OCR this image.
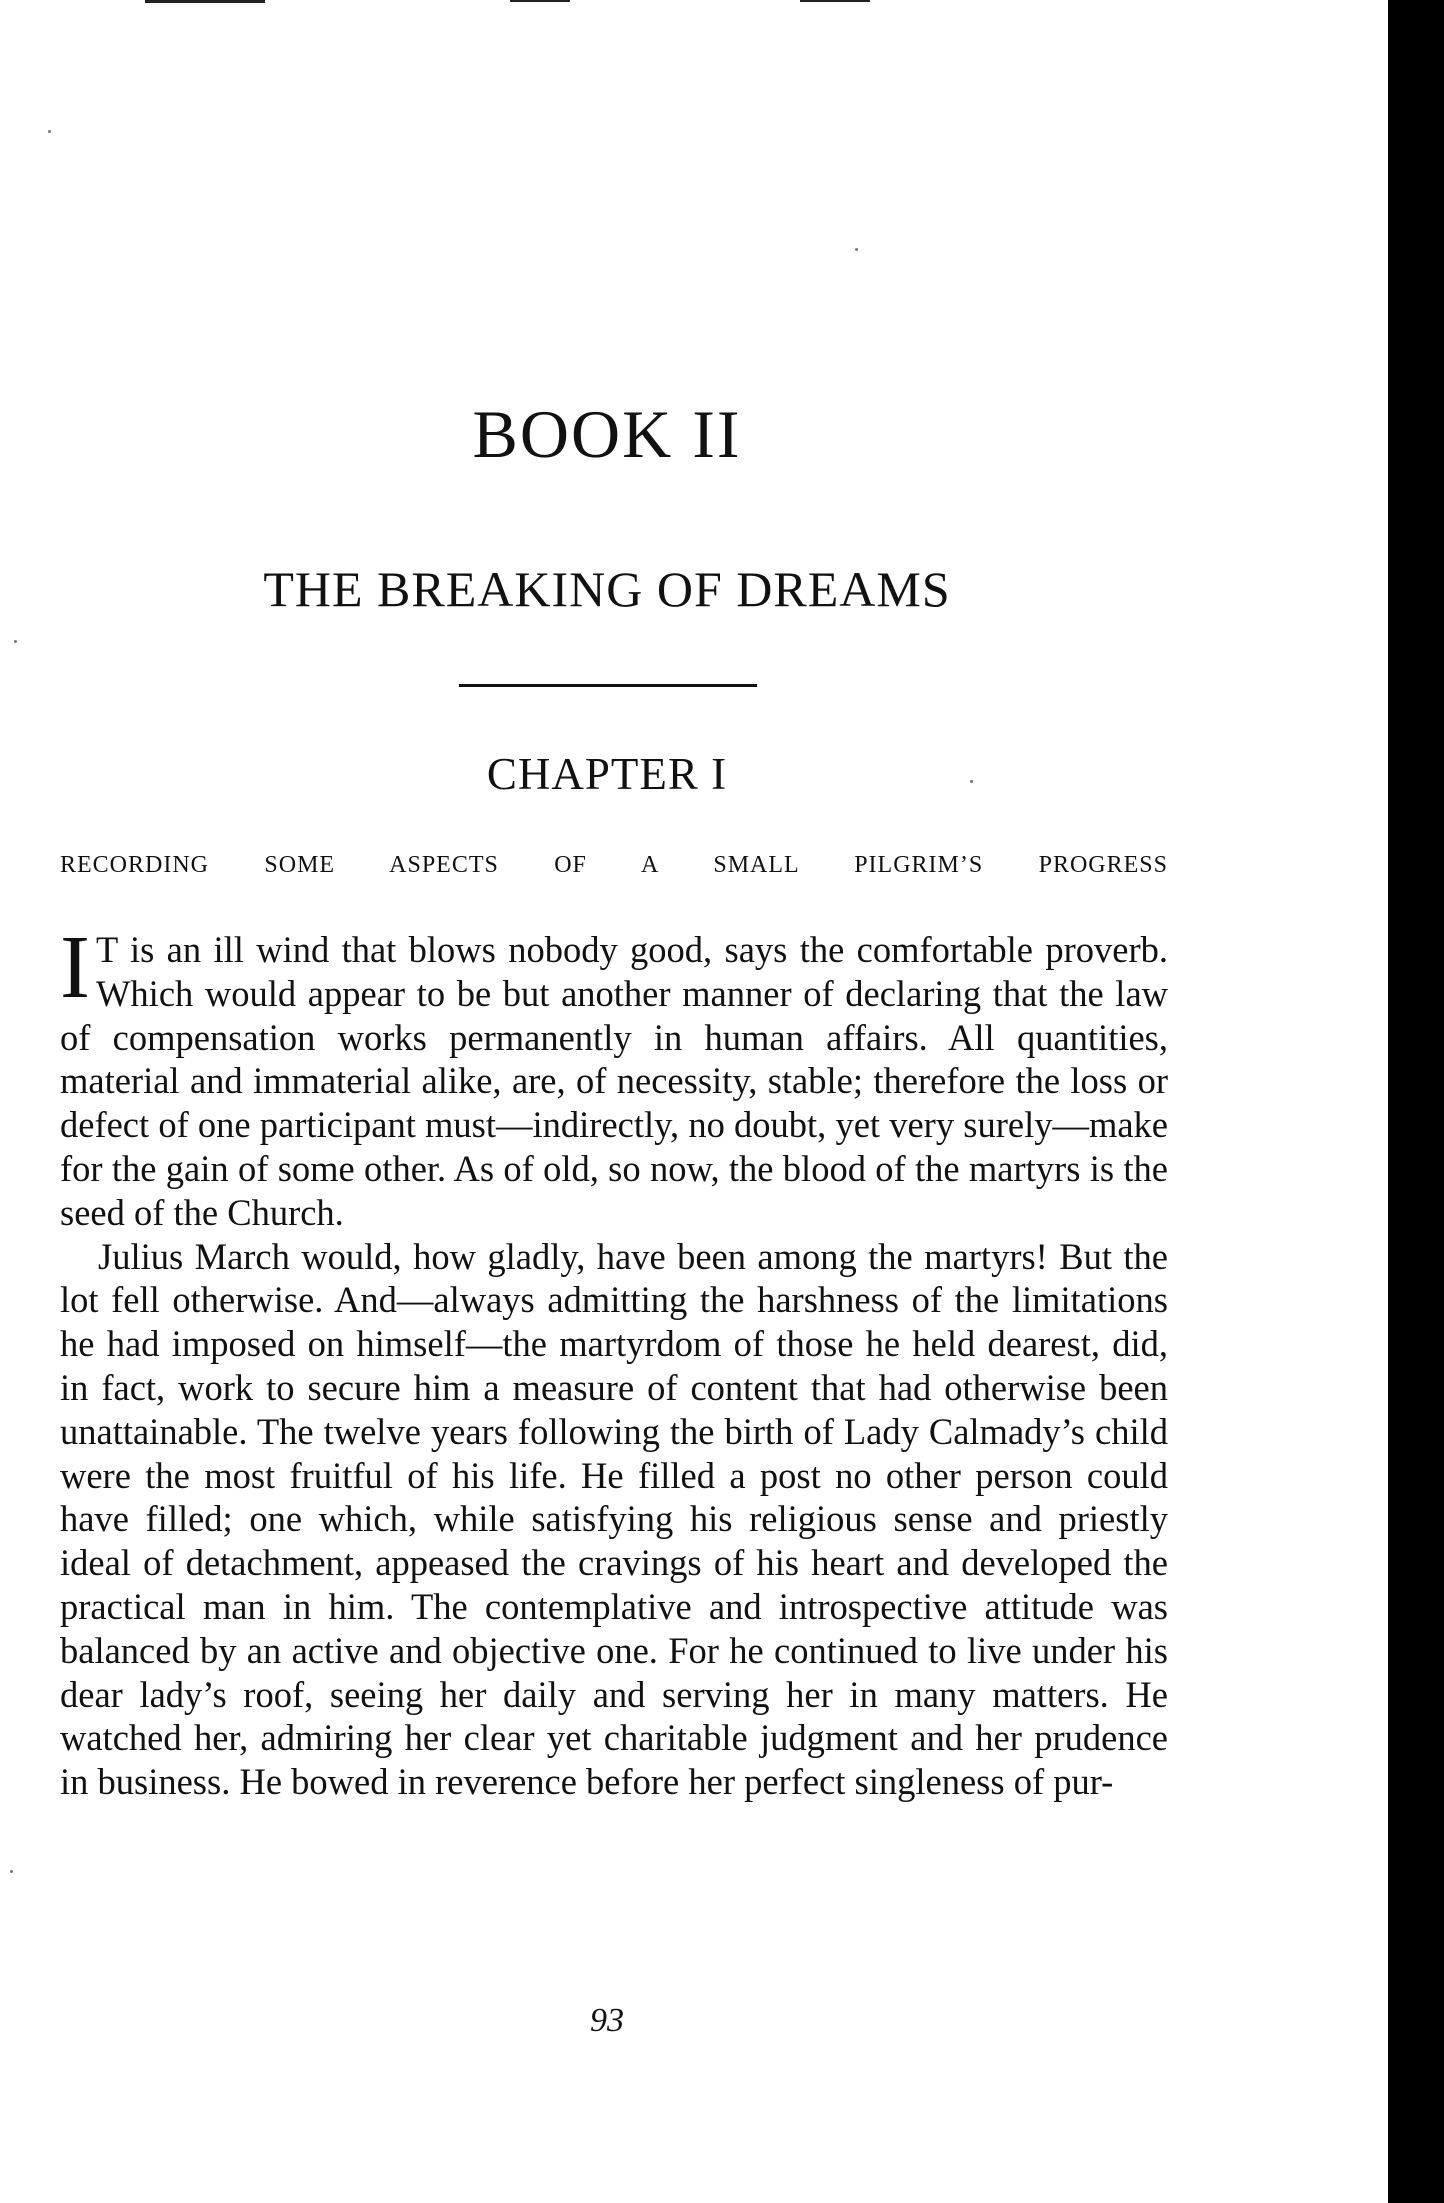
BOOK II
THE BREAKING OF DREAMS
CHAPTER I
RECORDING SOME ASPECTS OF A SMALL PILGRIM’S PROGRESS

I T is an ill wind that blows nobody good, says the comfortable proverb. Which would appear to be but another manner of declaring that the law of compensation works permanently in human affairs. All quantities, material and immaterial alike, are, of necessity, stable; therefore the loss or defect of one participant must—indirectly, no doubt, yet very surely—make for the gain of some other. As of old, so now, the blood of the martyrs is the seed of the Church.

Julius March would, how gladly, have been among the martyrs! But the lot fell otherwise. And—always admitting the harshness of the limitations he had imposed on himself—the martyrdom of those he held dearest, did, in fact, work to secure him a measure of content that had otherwise been unattainable. The twelve years following the birth of Lady Calmady’s child were the most fruitful of his life. He filled a post no other person could have filled; one which, while satisfying his religious sense and priestly ideal of detachment, appeased the cravings of his heart and developed the practical man in him. The contemplative and introspective attitude was balanced by an active and objective one. For he continued to live under his dear lady’s roof, seeing her daily and serving her in many matters. He watched her, admiring her clear yet charitable judgment and her prudence in business. He bowed in reverence before her perfect singleness of pur-

93
